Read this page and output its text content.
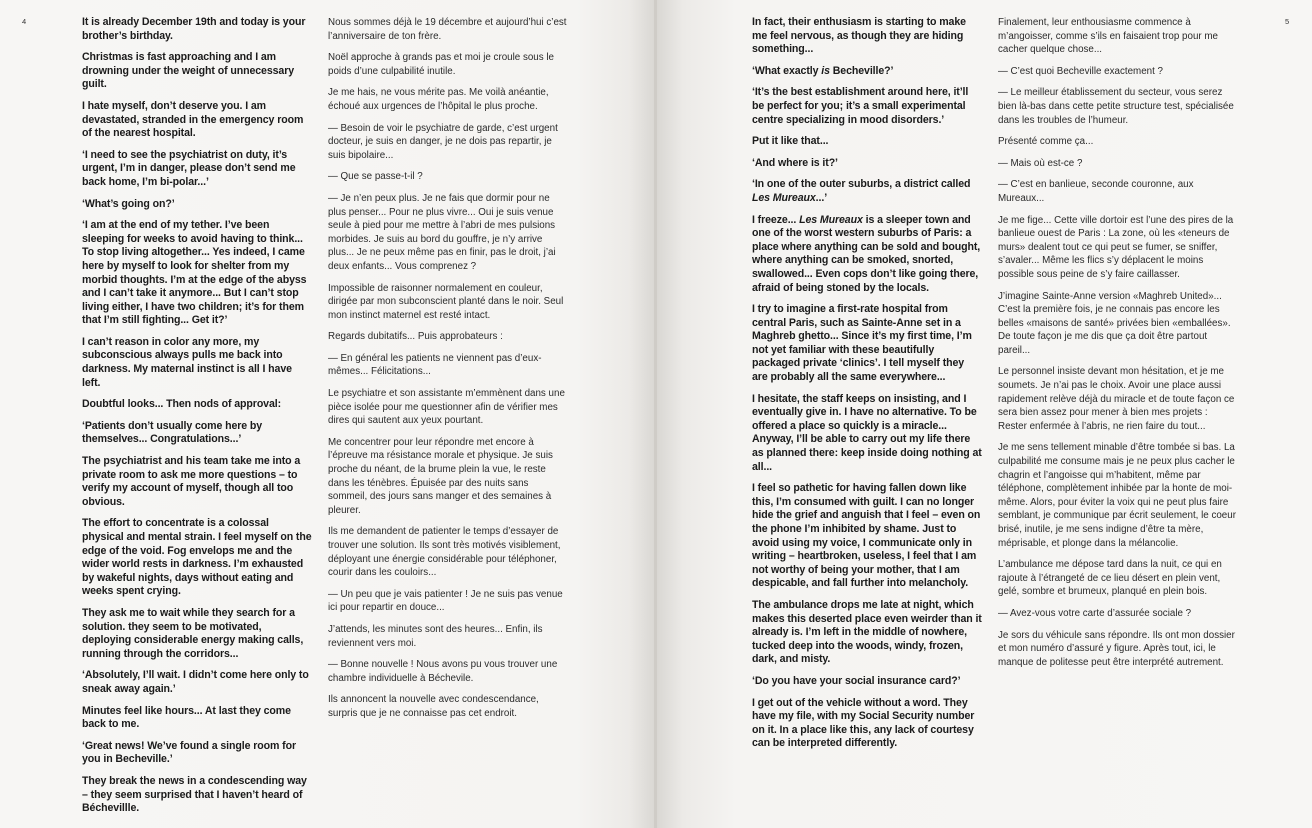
4	It is already December 19th and today is your brother’s birthday.

Christmas is fast approaching and I am drowning under the weight of unnecessary guilt.

I hate myself, don’t deserve you. I am devastated, stranded in the emergency room of the nearest hospital.

‘I need to see the psychiatrist on duty, it’s urgent, I’m in danger, please don’t send me back home, I’m bi-polar...’

‘What’s going on?’

‘I am at the end of my tether. I’ve been sleeping for weeks to avoid having to think... To stop living altogether... Yes indeed, I came here by myself to look for shelter from my morbid thoughts. I’m at the edge of the abyss and I can’t take it anymore... But I can’t stop living either, I have two children; it’s for them that I’m still fighting... Get it?’

I can’t reason in color any more, my subconscious always pulls me back into darkness. My maternal instinct is all I have left.

Doubtful looks... Then nods of approval:

‘Patients don’t usually come here by themselves... Congratulations...’

The psychiatrist and his team take me into a private room to ask me more questions – to verify my account of myself, though all too obvious.

The effort to concentrate is a colossal physical and mental strain. I feel myself on the edge of the void. Fog envelops me and the wider world rests in darkness. I’m exhausted by wakeful nights, days without eating and weeks spent crying.

They ask me to wait while they search for a solution. they seem to be motivated, deploying considerable energy making calls, running through the corridors...

‘Absolutely, I’ll wait. I didn’t come here only to sneak away again.’

Minutes feel like hours... At last they come back to me.

‘Great news! We’ve found a single room for you in Becheville.’

They break the news in a condescending way – they seem surprised that I haven’t heard of Béchevillle.

Nous sommes déjà le 19 décembre et aujourd’hui c’est l’anniversaire de ton frère.

Noël approche à grands pas et moi je croule sous le poids d’une culpabilité inutile.

Je me hais, ne vous mérite pas. Me voilà anéantie, échoué aux urgences de l’hôpital le plus proche.

— Besoin de voir le psychiatre de garde, c’est urgent docteur, je suis en danger, je ne dois pas repartir, je suis bipolaire...

— Que se passe-t-il ?

— Je n’en peux plus. Je ne fais que dormir pour ne plus penser... Pour ne plus vivre... Oui je suis venue seule à pied pour me mettre à l’abri de mes pulsions morbides. Je suis au bord du gouffre, je n’y arrive plus... Je ne peux même pas en finir, pas le droit, j’ai deux enfants... Vous comprenez ?

Impossible de raisonner normalement en couleur, dirigée par mon subconscient planté dans le noir. Seul mon instinct maternel est resté intact.

Regards dubitatifs... Puis approbateurs :

— En général les patients ne viennent pas d’eux-mêmes... Félicitations...

Le psychiatre et son assistante m’emmènent dans une pièce isolée pour me questionner afin de vérifier mes dires qui sautent aux yeux pourtant.

Me concentrer pour leur répondre met encore à l’épreuve ma résistance morale et physique. Je suis proche du néant, de la brume plein la vue, le reste dans les ténèbres. Épuisée par des nuits sans sommeil, des jours sans manger et des semaines à pleurer.

Ils me demandent de patienter le temps d’essayer de trouver une solution. Ils sont très motivés visiblement, déployant une énergie considérable pour téléphoner, courir dans les couloirs...

— Un peu que je vais patienter ! Je ne suis pas venue ici pour repartir en douce...

J’attends, les minutes sont des heures... Enfin, ils reviennent vers moi.

— Bonne nouvelle ! Nous avons pu vous trouver une chambre individuelle à Béchevile.

Ils annoncent la nouvelle avec condescendance, surpris que je ne connaisse pas cet endroit.

5

In fact, their enthusiasm is starting to make me feel nervous, as though they are hiding something...

‘What exactly is Becheville?’

‘It’s the best establishment around here, it’ll be perfect for you; it’s a small experimental centre specializing in mood disorders.’

Put it like that...

‘And where is it?’

‘In one of the outer suburbs, a district called Les Mureaux...’

I freeze... Les Mureaux is a sleeper town and one of the worst western suburbs of Paris: a place where anything can be sold and bought, where anything can be smoked, snorted, swallowed... Even cops don’t like going there, afraid of being stoned by the locals.

I try to imagine a first-rate hospital from central Paris, such as Sainte-Anne set in a Maghreb ghetto... Since it’s my first time, I’m not yet familiar with these beautifully packaged private ‘clinics’. I tell myself they are probably all the same everywhere...

I hesitate, the staff keeps on insisting, and I eventually give in. I have no alternative. To be offered a place so quickly is a miracle... Anyway, I’ll be able to carry out my life there as planned there: keep inside doing nothing at all...

I feel so pathetic for having fallen down like this, I’m consumed with guilt. I can no longer hide the grief and anguish that I feel – even on the phone I’m inhibited by shame. Just to avoid using my voice, I communicate only in writing – heartbroken, useless, I feel that I am not worthy of being your mother, that I am despicable, and fall further into melancholy.

The ambulance drops me late at night, which makes this deserted place even weirder than it already is. I’m left in the middle of nowhere, tucked deep into the woods, windy, frozen, dark, and misty.

‘Do you have your social insurance card?’

I get out of the vehicle without a word. They have my file, with my Social Security number on it. In a place like this, any lack of courtesy can be interpreted differently.

Finalement, leur enthousiasme commence à m’angoisser, comme s’ils en faisaient trop pour me cacher quelque chose...

— C’est quoi Becheville exactement ?

— Le meilleur établissement du secteur, vous serez bien là-bas dans cette petite structure test, spécialisée dans les troubles de l’humeur.

Présenté comme ça...

— Mais où est-ce ?

— C’est en banlieue, seconde couronne, aux Mureaux...

Je me fige... Cette ville dortoir est l’une des pires de la banlieue ouest de Paris : La zone, où les «teneurs de murs» dealent tout ce qui peut se fumer, se sniffer, s’avaler... Même les flics s’y déplacent le moins possible sous peine de s’y faire caillasser.

J’imagine Sainte-Anne version «Maghreb United»... C’est la première fois, je ne connais pas encore les belles «maisons de santé» privées bien «emballées». De toute façon je me dis que ça doit être partout pareil...

Le personnel insiste devant mon hésitation, et je me soumets. Je n’ai pas le choix. Avoir une place aussi rapidement relève déjà du miracle et de toute façon ce sera bien assez pour mener à bien mes projets : Rester enfermée à l’abris, ne rien faire du tout...

Je me sens tellement minable d’être tombée si bas. La culpabilité me consume mais je ne peux plus cacher le chagrin et l’angoisse qui m’habitent, même par téléphone, complètement inhibée par la honte de moi-même. Alors, pour éviter la voix qui ne peut plus faire semblant, je communique par écrit seulement, le coeur brisé, inutile, je me sens indigne d’être ta mère, méprisable, et plonge dans la mélancolie.

L’ambulance me dépose tard dans la nuit, ce qui en rajoute à l’étrangeté de ce lieu désert en plein vent, gelé, sombre et brumeux, planqué en plein bois.

— Avez-vous votre carte d’assurée sociale ?

Je sors du véhicule sans répondre. Ils ont mon dossier et mon numéro d’assuré y figure. Après tout, ici, le manque de politesse peut être interprété autrement.
